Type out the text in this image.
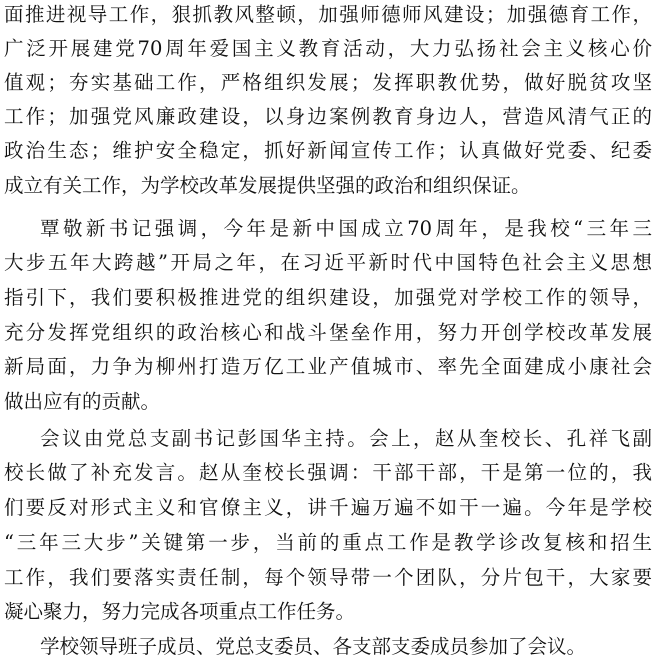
面推进视导工作，狠抓教风整顿，加强师德师风建设；加强德育工作，
广泛开展建党70周年爱国主义教育活动，大力弘扬社会主义核心价
值观；夯实基础工作，严格组织发展；发挥职教优势，做好脱贫攻坚
工作；加强党风廉政建设，以身边案例教育身边人，营造风清气正的
政治生态；维护安全稳定，抓好新闻宣传工作；认真做好党委、纪委
成立有关工作，为学校改革发展提供坚强的政治和组织保证。
覃敬新书记强调，今年是新中国成立70周年，是我校“三年三
大步五年大跨越”开局之年，在习近平新时代中国特色社会主义思想
指引下，我们要积极推进党的组织建设，加强党对学校工作的领导，
充分发挥党组织的政治核心和战斗堡垒作用，努力开创学校改革发展
新局面，力争为柳州打造万亿工业产值城市、率先全面建成小康社会
做出应有的贡献。
会议由党总支副书记彭国华主持。会上，赵从奎校长、孔祥飞副
校长做了补充发言。赵从奎校长强调：干部干部，干是第一位的，我
们要反对形式主义和官僚主义，讲千遍万遍不如干一遍。今年是学校
“三年三大步”关键第一步，当前的重点工作是教学诊改复核和招生
工作，我们要落实责任制，每个领导带一个团队，分片包干，大家要
凝心聚力，努力完成各项重点工作任务。
学校领导班子成员、党总支委员、各支部支委成员参加了会议。
